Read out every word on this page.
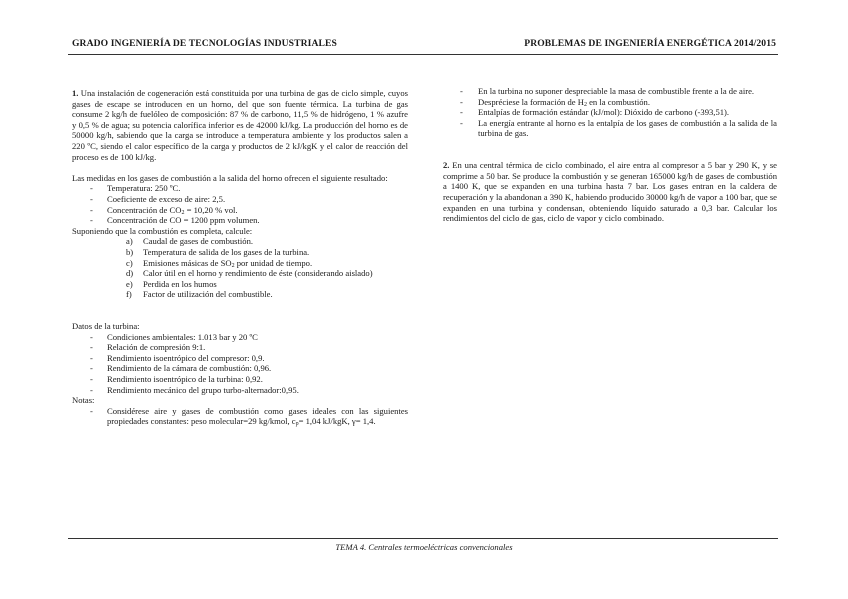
GRADO INGENIERÍA DE TECNOLOGÍAS INDUSTRIALES	PROBLEMAS DE INGENIERÍA ENERGÉTICA 2014/2015

1. Una instalación de cogeneración está constituida por una turbina de gas de ciclo simple, cuyos gases de escape se introducen en un horno, del que son fuente térmica. La turbina de gas consume 2 kg/h de fuelóleo de composición: 87 % de carbono, 11,5 % de hidrógeno, 1 % azufre y 0,5 % de agua; su potencia calorífica inferior es de 42000 kJ/kg. La producción del horno es de 50000 kg/h, sabiendo que la carga se introduce a temperatura ambiente y los productos salen a 220 ºC, siendo el calor específico de la carga y productos de 2 kJ/kgK y el calor de reacción del proceso es de 100 kJ/kg.

Las medidas en los gases de combustión a la salida del horno ofrecen el siguiente resultado:

- Temperatura: 250 ºC.
- Coeficiente de exceso de aire: 2,5.
- Concentración de $CO_2 = 10,20$ % vol.
- Concentración de CO = 1200 ppm volumen.

Suponiendo que la combustión es completa, calcule:

a) Caudal de gases de combustión.
b) Temperatura de salida de los gases de la turbina.
c) Emisiones másicas de $SO_2$ por unidad de tiempo.
d) Calor útil en el horno y rendimiento de éste (considerando aislado)
e) Perdida en los humos
f) Factor de utilización del combustible.

Datos de la turbina:

- Condiciones ambientales: 1.013 bar y 20 ºC
- Relación de compresión 9:1.
- Rendimiento isoentrópico del compresor: 0,9.
- Rendimiento de la cámara de combustión: 0,96.
- Rendimiento isoentrópico de la turbina: 0,92.
- Rendimiento mecánico del grupo turbo-alternador:0,95.

Notas:

- Considérese aire y gases de combustión como gases ideales con las siguientes propiedades constantes: peso molecular=29 kg/kmol, $c_p= 1,04$ kJ/kgK, γ= 1,4.
- En la turbina no suponer despreciable la masa de combustible frente a la de aire.
- Despréciese la formación de $H_2$ en la combustión.
- Entalpías de formación estándar (kJ/mol): Dióxido de carbono (-393,51).
- La energía entrante al horno es la entalpía de los gases de combustión a la salida de la turbina de gas.

2. En una central térmica de ciclo combinado, el aire entra al compresor a 5 bar y 290 K, y se comprime a 50 bar. Se produce la combustión y se generan 165000 kg/h de gases de combustión a 1400 K, que se expanden en una turbina hasta 7 bar. Los gases entran en la caldera de recuperación y la abandonan a 390 K, habiendo producido 30000 kg/h de vapor a 100 bar, que se expanden en una turbina y condensan, obteniendo líquido saturado a 0,3 bar. Calcular los rendimientos del ciclo de gas, ciclo de vapor y ciclo combinado.

TEMA 4. Centrales termoeléctricas convencionales
